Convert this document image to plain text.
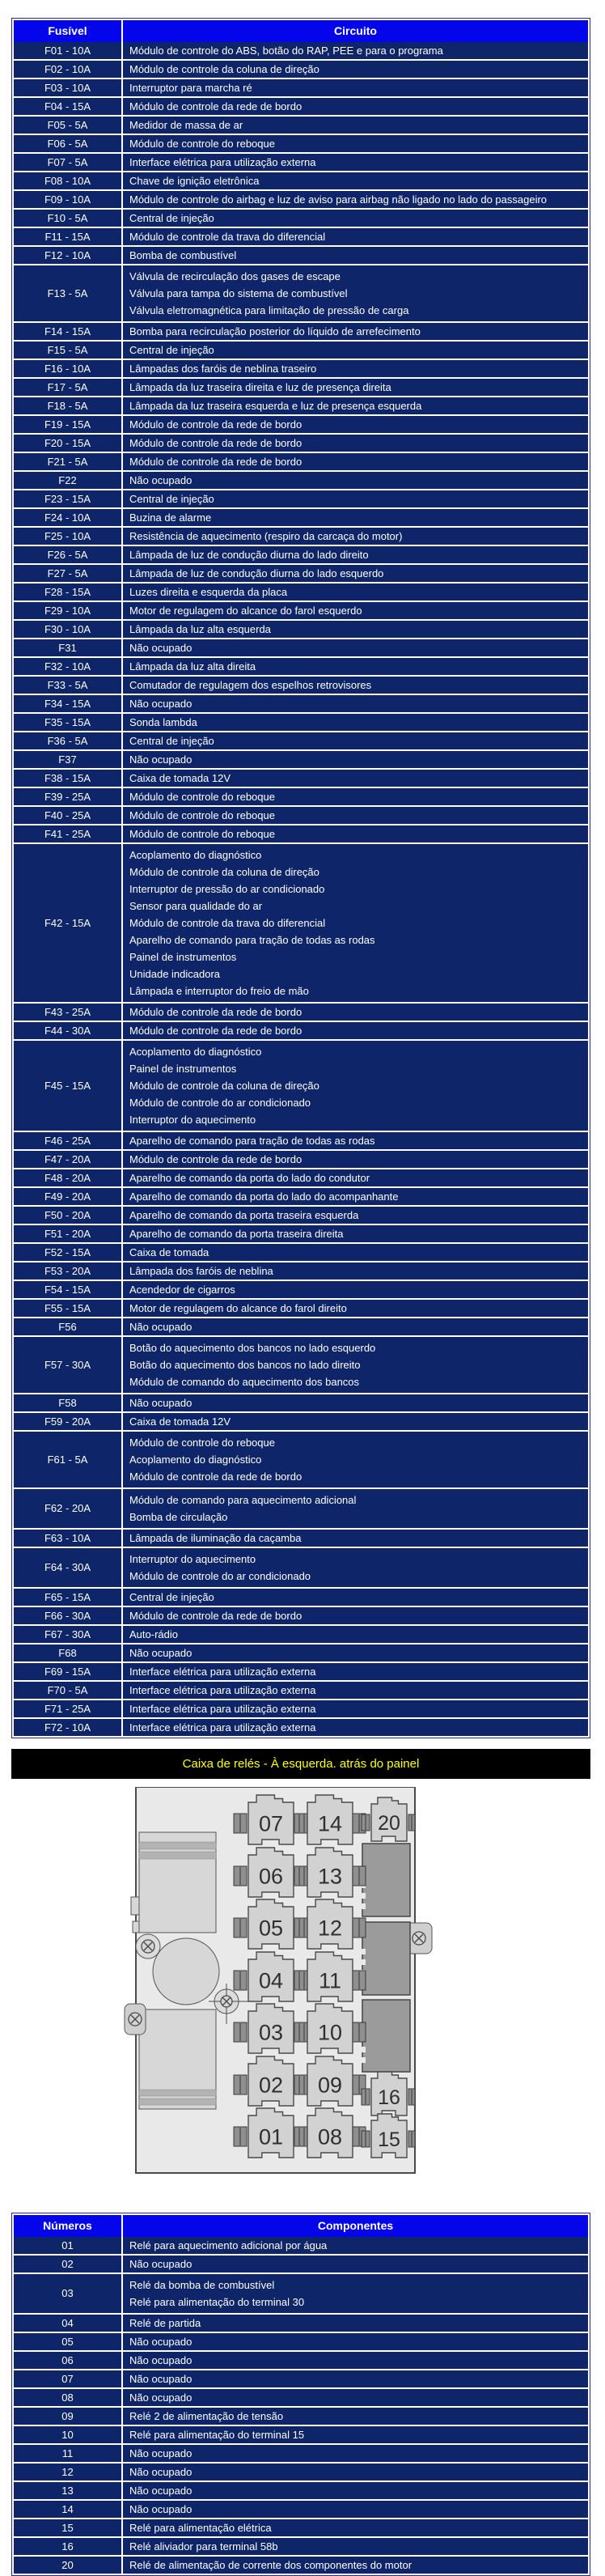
Fusível	Circuito
F01 - 10A	Módulo de controle do ABS, botão do RAP, PEE e para o programa
F02 - 10A	Módulo de controle da coluna de direção
F03 - 10A	Interruptor para marcha ré
F04 - 15A	Módulo de controle da rede de bordo
F05 - 5A	Medidor de massa de ar
F06 - 5A	Módulo de controle do reboque
F07 - 5A	Interface elétrica para utilização externa
F08 - 10A	Chave de ignição eletrônica
F09 - 10A	Módulo de controle do airbag e luz de aviso para airbag não ligado no lado do passageiro
F10 - 5A	Central de injeção
F11 - 15A	Módulo de controle da trava do diferencial
F12 - 10A	Bomba de combustível
F13 - 5A
Válvula de recirculação dos gases de escape
Válvula para tampa do sistema de combustível
Válvula eletromagnética para limitação de pressão de carga
F14 - 15A	Bomba para recirculação posterior do líquido de arrefecimento
F15 - 5A	Central de injeção
F16 - 10A	Lâmpadas dos faróis de neblina traseiro
F17 - 5A	Lâmpada da luz traseira direita e luz de presença direita
F18 - 5A	Lâmpada da luz traseira esquerda e luz de presença esquerda
F19 - 15A	Módulo de controle da rede de bordo
F20 - 15A	Módulo de controle da rede de bordo
F21 - 5A	Módulo de controle da rede de bordo
F22	Não ocupado
F23 - 15A	Central de injeção
F24 - 10A	Buzina de alarme
F25 - 10A	Resistência de aquecimento (respiro da carcaça do motor)
F26 - 5A	Lâmpada de luz de condução diurna do lado direito
F27 - 5A	Lâmpada de luz de condução diurna do lado esquerdo
F28 - 15A	Luzes direita e esquerda da placa
F29 - 10A	Motor de regulagem do alcance do farol esquerdo
F30 - 10A	Lâmpada da luz alta esquerda
F31	Não ocupado
F32 - 10A	Lâmpada da luz alta direita
F33 - 5A	Comutador de regulagem dos espelhos retrovisores
F34 - 15A	Não ocupado
F35 - 15A	Sonda lambda
F36 - 5A	Central de injeção
F37	Não ocupado
F38 - 15A	Caixa de tomada 12V
F39 - 25A	Módulo de controle do reboque
F40 - 25A	Módulo de controle do reboque
F41 - 25A	Módulo de controle do reboque
F42 - 15A
Acoplamento do diagnóstico
Módulo de controle da coluna de direção
Interruptor de pressão do ar condicionado
Sensor para qualidade do ar
Módulo de controle da trava do diferencial
Aparelho de comando para tração de todas as rodas
Painel de instrumentos
Unidade indicadora
Lâmpada e interruptor do freio de mão
F43 - 25A	Módulo de controle da rede de bordo
F44 - 30A	Módulo de controle da rede de bordo
F45 - 15A
Acoplamento do diagnóstico
Painel de instrumentos
Módulo de controle da coluna de direção
Módulo de controle do ar condicionado
Interruptor do aquecimento
F46 - 25A	Aparelho de comando para tração de todas as rodas
F47 - 20A	Módulo de controle da rede de bordo
F48 - 20A	Aparelho de comando da porta do lado do condutor
F49 - 20A	Aparelho de comando da porta do lado do acompanhante
F50 - 20A	Aparelho de comando da porta traseira esquerda
F51 - 20A	Aparelho de comando da porta traseira direita
F52 - 15A	Caixa de tomada
F53 - 20A	Lâmpada dos faróis de neblina
F54 - 15A	Acendedor de cigarros
F55 - 15A	Motor de regulagem do alcance do farol direito
F56	Não ocupado
F57 - 30A
Botão do aquecimento dos bancos no lado esquerdo
Botão do aquecimento dos bancos no lado direito
Módulo de comando do aquecimento dos bancos
F58	Não ocupado
F59 - 20A	Caixa de tomada 12V
F61 - 5A
Módulo de controle do reboque
Acoplamento do diagnóstico
Módulo de controle da rede de bordo
F62 - 20A
Módulo de comando para aquecimento adicional
Bomba de circulação
F63 - 10A	Lâmpada de iluminação da caçamba
F64 - 30A
Interruptor do aquecimento
Módulo de controle do ar condicionado
F65 - 15A	Central de injeção
F66 - 30A	Módulo de controle da rede de bordo
F67 - 30A	Auto-rádio
F68	Não ocupado
F69 - 15A	Interface elétrica para utilização externa
F70 - 5A	Interface elétrica para utilização externa
F71 - 25A	Interface elétrica para utilização externa
F72 - 10A	Interface elétrica para utilização externa
Caixa de relés - À esquerda. atrás do painel
07 14
06 13
05 12
04 11
03 10
02 09
01 08
20
16
15
Números	Componentes
01	Relé para aquecimento adicional por água
02	Não ocupado
03
Relé da bomba de combustível
Relé para alimentação do terminal 30
04	Relé de partida
05	Não ocupado
06	Não ocupado
07	Não ocupado
08	Não ocupado
09	Relé 2 de alimentação de tensão
10	Relé para alimentação do terminal 15
11	Não ocupado
12	Não ocupado
13	Não ocupado
14	Não ocupado
15	Relé para alimentação elétrica
16	Relé aliviador para terminal 58b
20	Relé de alimentação de corrente dos componentes do motor
